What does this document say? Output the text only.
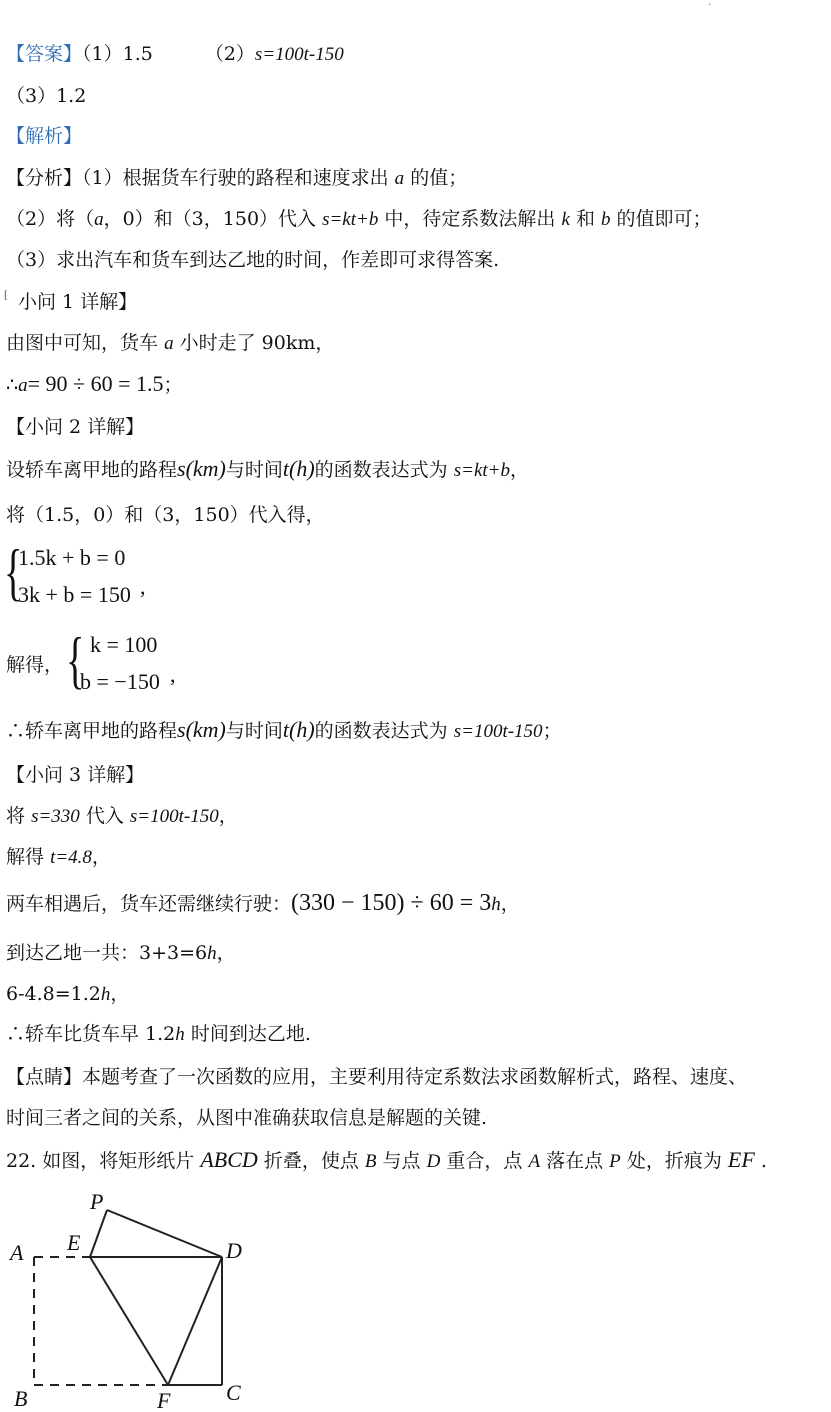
·
【答案】（1）1.5	（2）s=100t-150
（3）1.2
【解析】
【分析】（1）根据货车行驶的路程和速度求出 a 的值；
（2）将（a，0）和（3，150）代入 s=kt+b 中，待定系数法解出 k 和 b 的值即可；
（3）求出汽车和货车到达乙地的时间，作差即可求得答案.
[ 小问 1 详解】
由图中可知，货车 a 小时走了 90km，
∴a= 90 ÷ 60 = 1.5；
【小问 2 详解】
设轿车离甲地的路程s(km)与时间t(h)的函数表达式为 s=kt+b，
将（1.5，0）和（3，150）代入得，
{
1.5k + b = 0
3k + b = 150 ,
解得， { k = 100
b = −150 ,
∴轿车离甲地的路程s(km)与时间t(h)的函数表达式为 s=100t-150；
【小问 3 详解】
将 s=330 代入 s=100t-150，
解得 t=4.8，
两车相遇后，货车还需继续行驶：(330 − 150) ÷ 60 = 3h，
到达乙地一共：3+3=6h，
6-4.8=1.2h，
∴轿车比货车早 1.2h 时间到达乙地.
【点睛】本题考查了一次函数的应用，主要利用待定系数法求函数解析式，路程、速度、
时间三者之间的关系，从图中准确获取信息是解题的关键.
22. 如图，将矩形纸片 ABCD 折叠，使点 B 与点 D 重合，点 A 落在点 P 处，折痕为 EF .
P
A E	D
B	F	C
